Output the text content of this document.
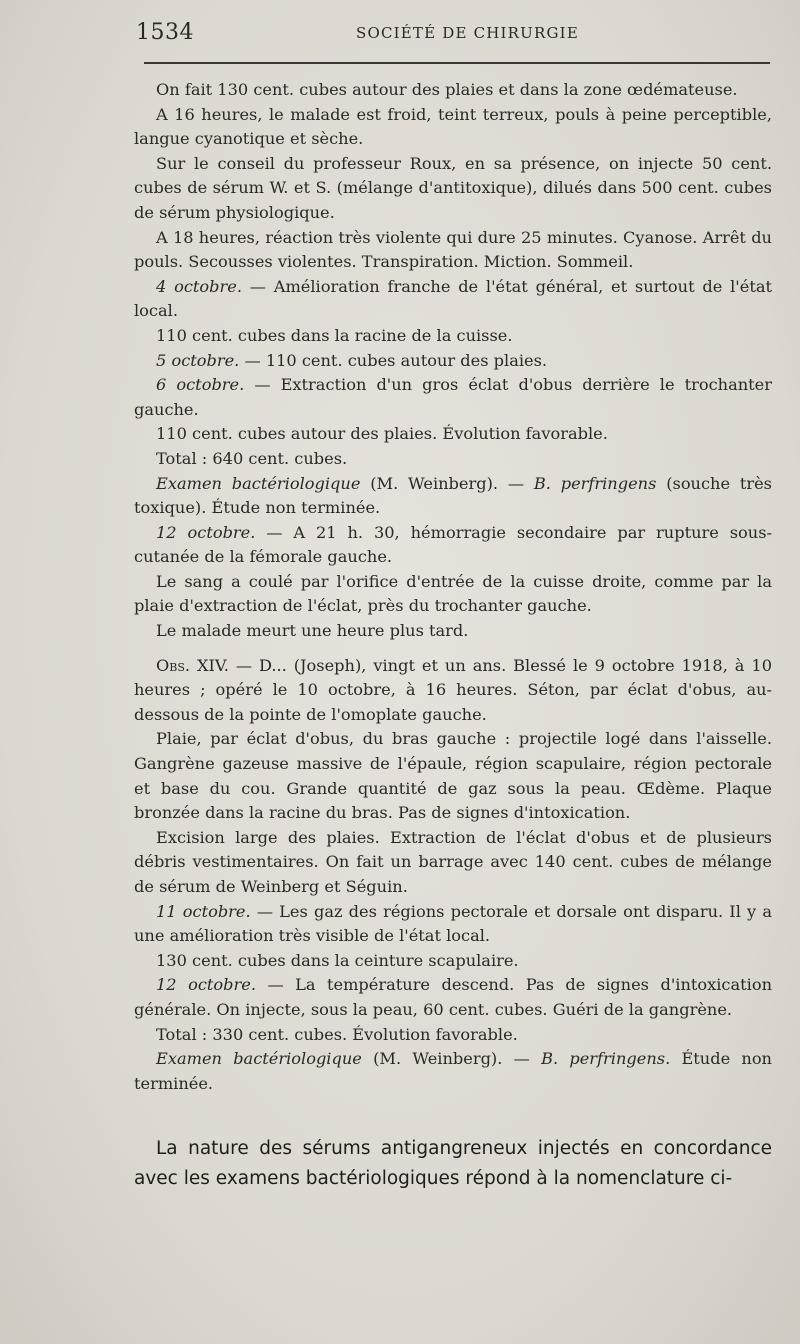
1534	SOCIÉTÉ DE CHIRURGIE

On fait 130 cent. cubes autour des plaies et dans la zone œdémateuse.

A 16 heures, le malade est froid, teint terreux, pouls à peine perceptible, langue cyanotique et sèche.

Sur le conseil du professeur Roux, en sa présence, on injecte 50 cent. cubes de sérum W. et S. (mélange d'antitoxique), dilués dans 500 cent. cubes de sérum physiologique.

A 18 heures, réaction très violente qui dure 25 minutes. Cyanose. Arrêt du pouls. Secousses violentes. Transpiration. Miction. Sommeil.

4 octobre. — Amélioration franche de l'état général, et surtout de l'état local.

110 cent. cubes dans la racine de la cuisse.

5 octobre. — 110 cent. cubes autour des plaies.

6 octobre. — Extraction d'un gros éclat d'obus derrière le trochanter gauche.

110 cent. cubes autour des plaies. Évolution favorable.

Total : 640 cent. cubes.

Examen bactériologique (M. Weinberg). — B. perfringens (souche très toxique). Étude non terminée.

12 octobre. — A 21 h. 30, hémorragie secondaire par rupture sous-cutanée de la fémorale gauche.

Le sang a coulé par l'orifice d'entrée de la cuisse droite, comme par la plaie d'extraction de l'éclat, près du trochanter gauche.

Le malade meurt une heure plus tard.

Obs. XIV. — D... (Joseph), vingt et un ans. Blessé le 9 octobre 1918, à 10 heures ; opéré le 10 octobre, à 16 heures. Séton, par éclat d'obus, au-dessous de la pointe de l'omoplate gauche.

Plaie, par éclat d'obus, du bras gauche : projectile logé dans l'aisselle. Gangrène gazeuse massive de l'épaule, région scapulaire, région pectorale et base du cou. Grande quantité de gaz sous la peau. Œdème. Plaque bronzée dans la racine du bras. Pas de signes d'intoxication.

Excision large des plaies. Extraction de l'éclat d'obus et de plusieurs débris vestimentaires. On fait un barrage avec 140 cent. cubes de mélange de sérum de Weinberg et Séguin.

11 octobre. — Les gaz des régions pectorale et dorsale ont disparu. Il y a une amélioration très visible de l'état local.

130 cent. cubes dans la ceinture scapulaire.

12 octobre. — La température descend. Pas de signes d'intoxication générale. On injecte, sous la peau, 60 cent. cubes. Guéri de la gangrène.

Total : 330 cent. cubes. Évolution favorable.

Examen bactériologique (M. Weinberg). — B. perfringens. Étude non terminée.

La nature des sérums antigangreneux injectés en concordance avec les examens bactériologiques répond à la nomenclature ci-
